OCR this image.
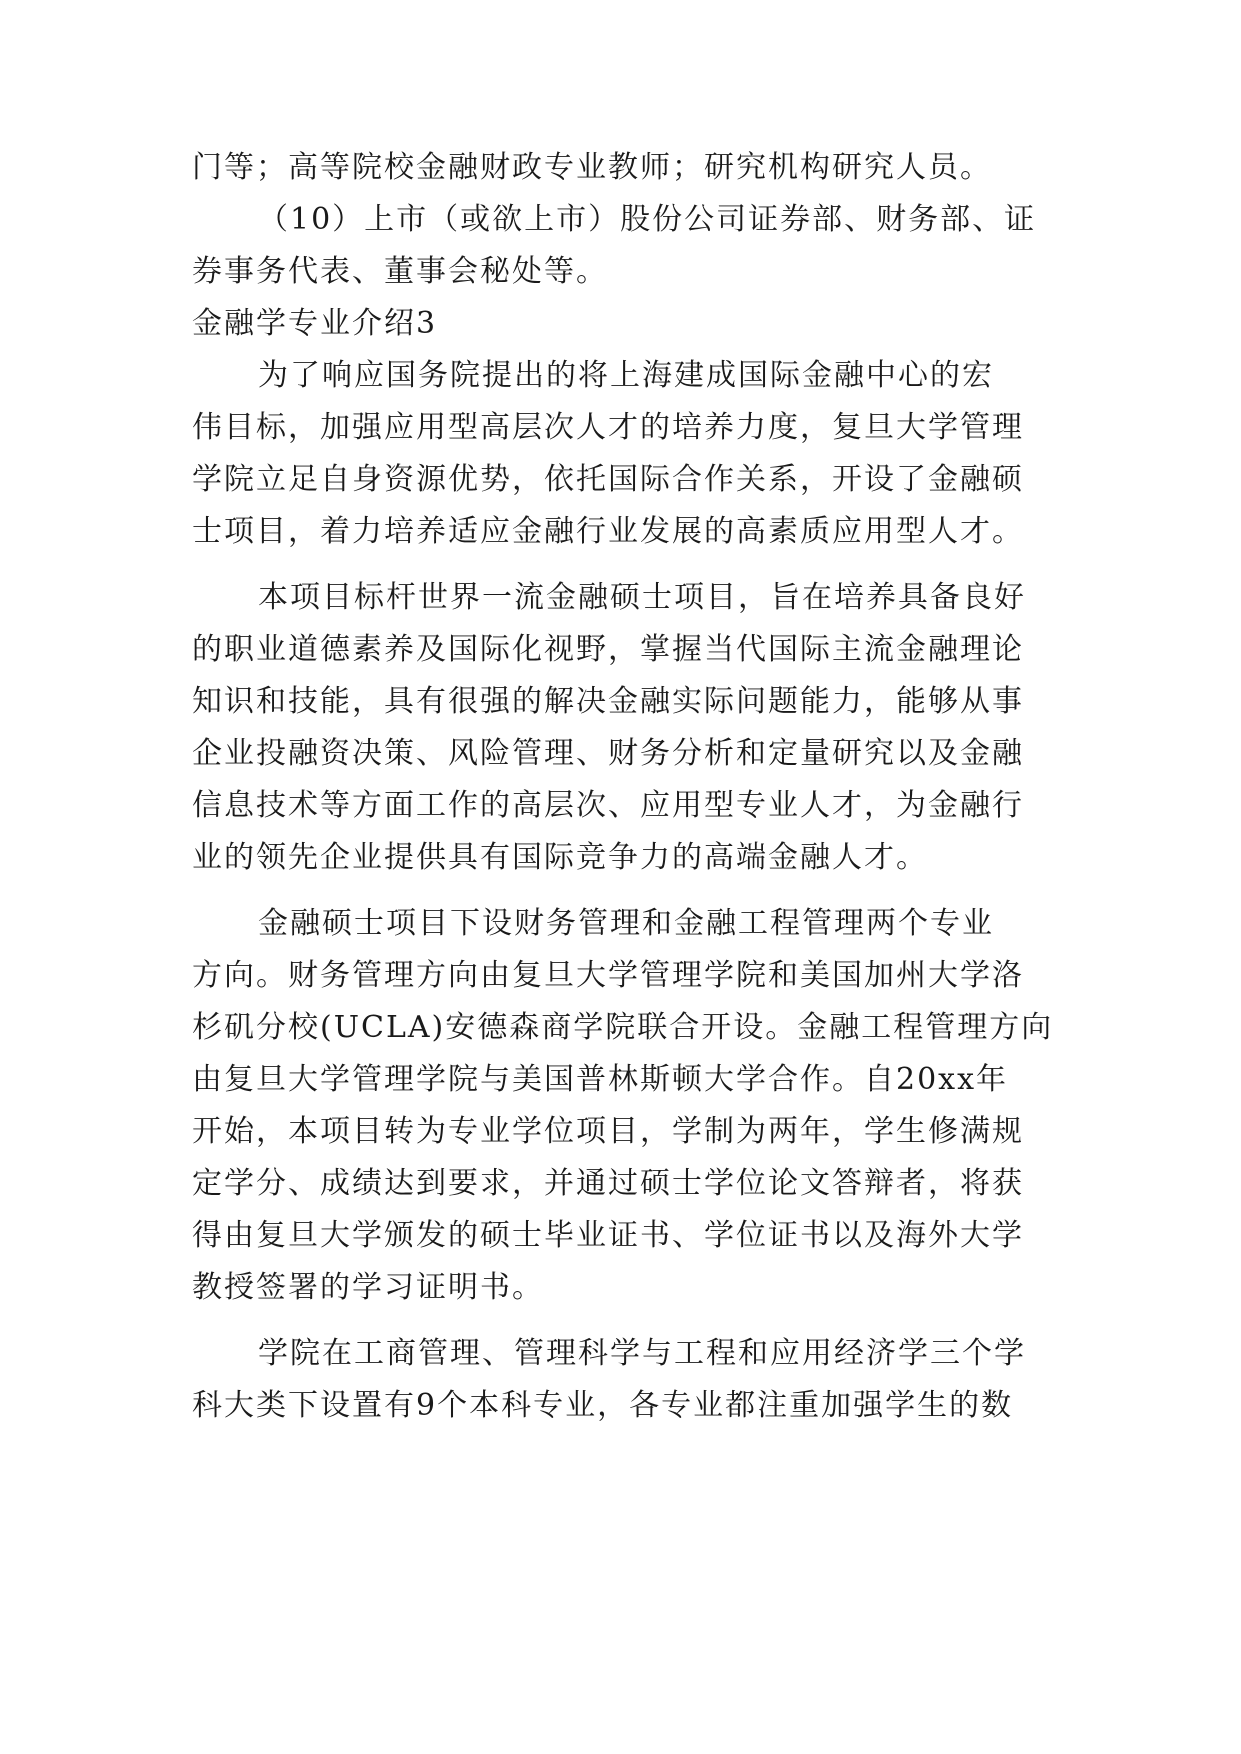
门等；高等院校金融财政专业教师；研究机构研究人员。
（10）上市（或欲上市）股份公司证券部、财务部、证
券事务代表、董事会秘处等。
金融学专业介绍3
为了响应国务院提出的将上海建成国际金融中心的宏
伟目标，加强应用型高层次人才的培养力度，复旦大学管理
学院立足自身资源优势，依托国际合作关系，开设了金融硕
士项目，着力培养适应金融行业发展的高素质应用型人才。
本项目标杆世界一流金融硕士项目，旨在培养具备良好
的职业道德素养及国际化视野，掌握当代国际主流金融理论
知识和技能，具有很强的解决金融实际问题能力，能够从事
企业投融资决策、风险管理、财务分析和定量研究以及金融
信息技术等方面工作的高层次、应用型专业人才，为金融行
业的领先企业提供具有国际竞争力的高端金融人才。
金融硕士项目下设财务管理和金融工程管理两个专业
方向。财务管理方向由复旦大学管理学院和美国加州大学洛
杉矶分校(UCLA)安德森商学院联合开设。金融工程管理方向
由复旦大学管理学院与美国普林斯顿大学合作。自20xx年
开始，本项目转为专业学位项目，学制为两年，学生修满规
定学分、成绩达到要求，并通过硕士学位论文答辩者，将获
得由复旦大学颁发的硕士毕业证书、学位证书以及海外大学
教授签署的学习证明书。
学院在工商管理、管理科学与工程和应用经济学三个学
科大类下设置有9个本科专业，各专业都注重加强学生的数
